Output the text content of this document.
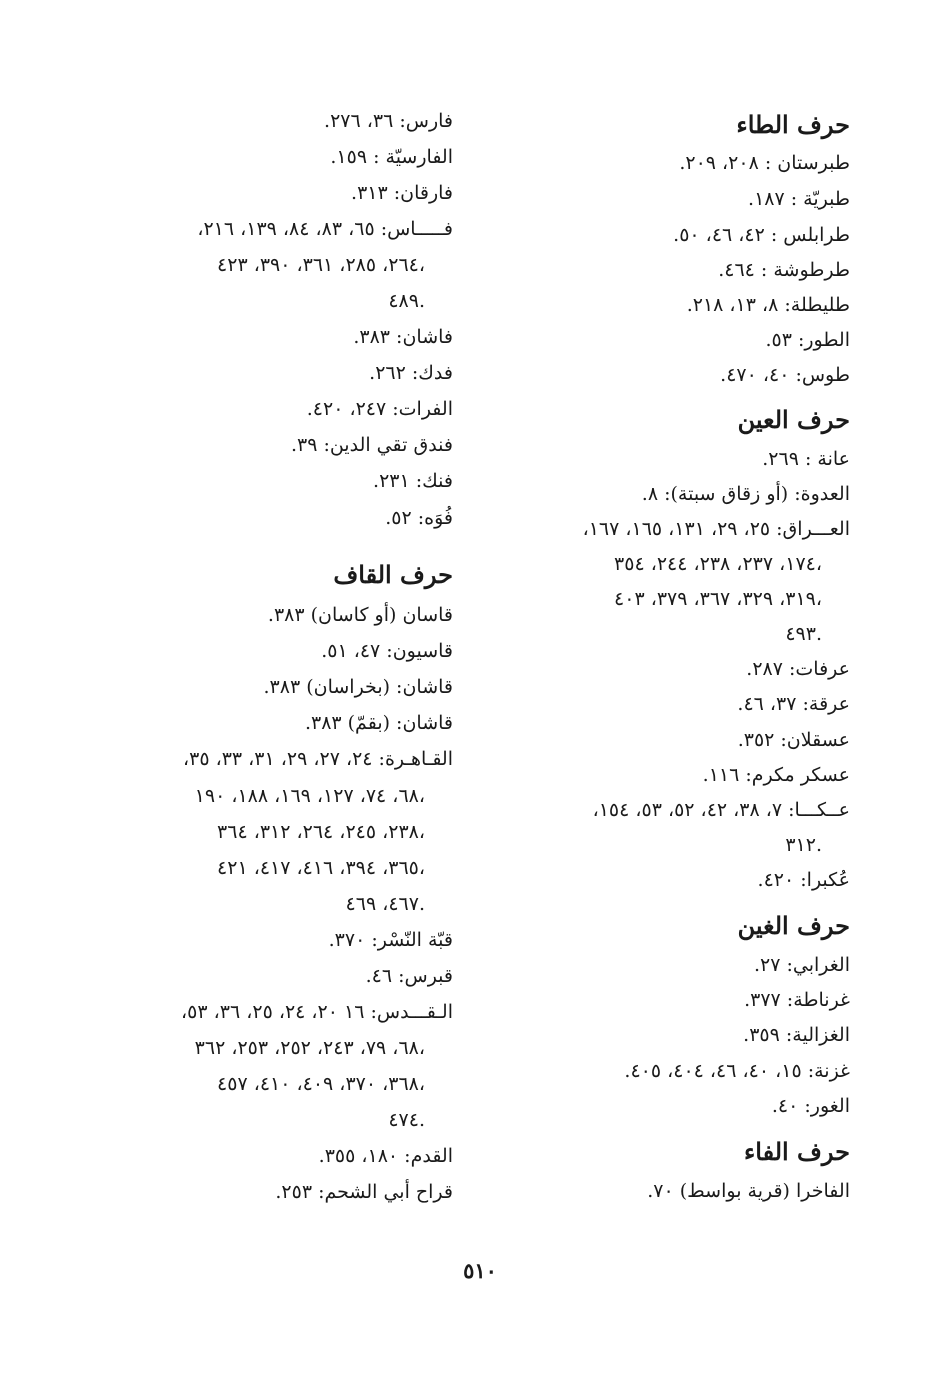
حرف الطاء
طبرستان : ٢٠٨، ٢٠٩.
طبريّة : ١٨٧.
طرابلس : ٤٢، ٤٦، ٥٠.
طرطوشة : ٤٦٤.
طليطلة: ٨، ١٣، ٢١٨.
الطور: ٥٣.
طوس: ٤٠، ٤٧٠.
حرف العين
عانة : ٢٦٩.
العدوة: (أو زقاق سبتة): ٨.
العـــراق: ٢٥، ٢٩، ١٣١، ١٦٥، ١٦٧،
١٧٤، ٢٣٧، ٢٣٨، ٢٤٤، ٣٥٤،
٣١٩، ٣٢٩، ٣٦٧، ٣٧٩، ٤٠٣،
٤٩٣.
عرفات: ٢٨٧.
عرقة: ٣٧، ٤٦.
عسقلان: ٣٥٢.
عسكر مكرم: ١١٦.
عــكـــا: ٧، ٣٨، ٤٢، ٥٢، ٥٣، ١٥٤،
٣١٢.
عُكبرا: ٤٢٠.
حرف الغين
الغرابي: ٢٧.
غرناطة: ٣٧٧.
الغزالية: ٣٥٩.
غزنة: ١٥، ٤٠، ٤٦، ٤٠٤، ٤٠٥.
الغور: ٤٠.
حرف الفاء
الفاخرا (قرية بواسط) ٧٠.
فارس: ٣٦، ٢٧٦.
الفارسيّة : ١٥٩.
فارقان: ٣١٣.
فـــــاس: ٦٥، ٨٣، ٨٤، ١٣٩، ٢١٦،
٢٦٤، ٢٨٥، ٣٦١، ٣٩٠، ٤٢٣،
٤٨٩.
فاشان: ٣٨٣.
فدك: ٢٦٢.
الفرات: ٢٤٧، ٤٢٠.
فندق تقي الدين: ٣٩.
فنك: ٢٣١.
فُوَه: ٥٢.
حرف القاف
قاسان (أو كاسان) ٣٨٣.
قاسيون: ٤٧، ٥١.
قاشان: (بخراسان) ٣٨٣.
قاشان: (بقمّ) ٣٨٣.
القـاهـرة: ٢٤، ٢٧، ٢٩، ٣١، ٣٣، ٣٥،
٦٨، ٧٤، ١٢٧، ١٦٩، ١٨٨، ١٩٠،
٢٣٨، ٢٤٥، ٢٦٤، ٣١٢، ٣٦٤،
٣٦٥، ٣٩٤، ٤١٦، ٤١٧، ٤٢١،
٤٦٧، ٤٦٩.
قبّة النّسْر: ٣٧٠.
قبرس: ٤٦.
الـقـــدس: ١٦ ٢٠، ٢٤، ٢٥، ٣٦، ٥٣،
٦٨، ٧٩، ٢٤٣، ٢٥٢، ٢٥٣، ٣٦٢،
٣٦٨، ٣٧٠، ٤٠٩، ٤١٠، ٤٥٧،
٤٧٤.
القدم: ١٨٠، ٣٥٥.
قراح أبي الشحم: ٢٥٣.
٥١٠
